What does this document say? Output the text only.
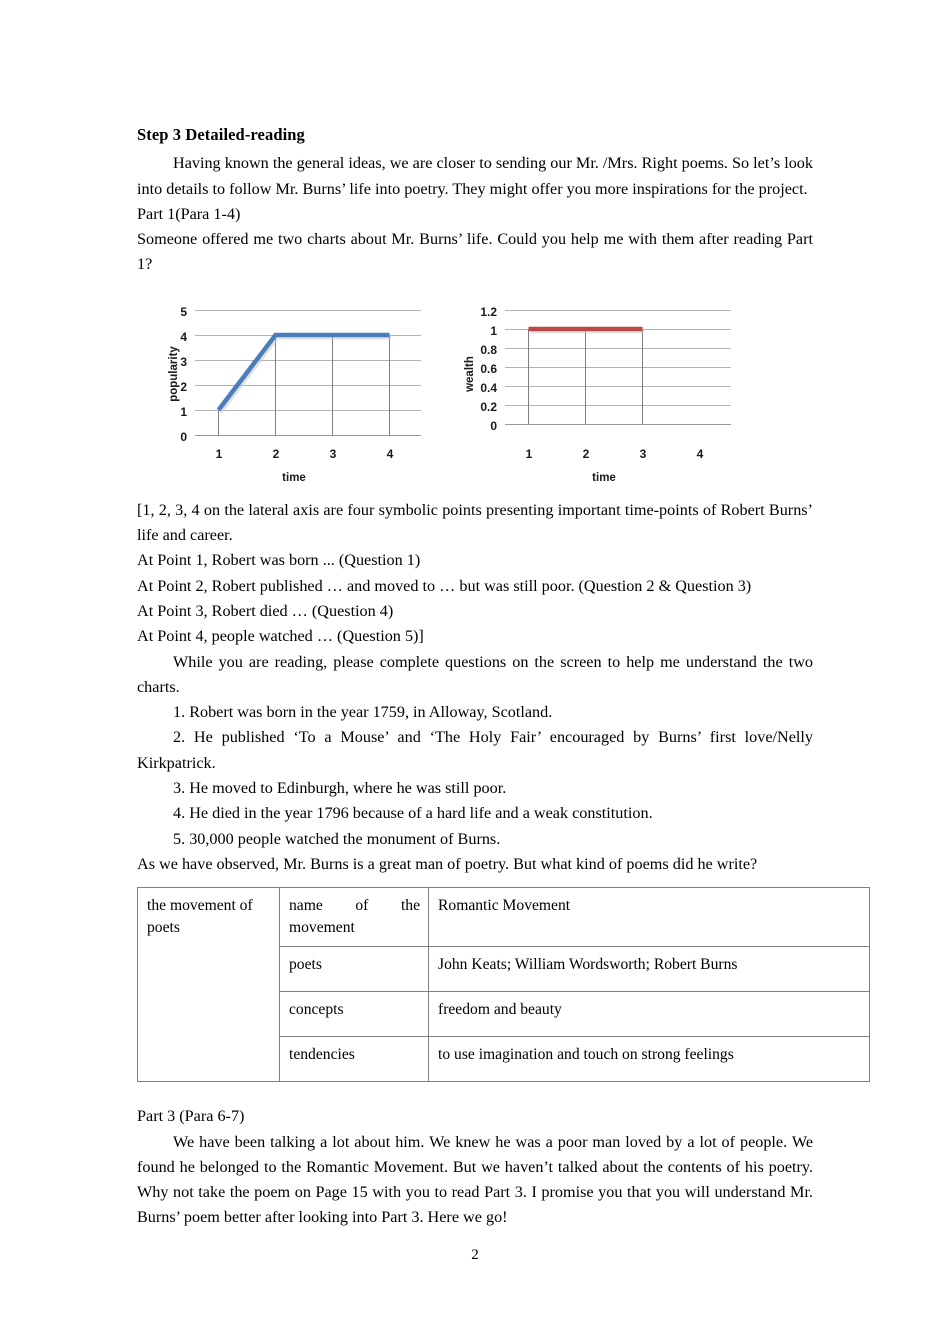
Step 3 Detailed-reading

Having known the general ideas, we are closer to sending our Mr. /Mrs. Right poems. So let’s look into details to follow Mr. Burns’ life into poetry. They might offer you more inspirations for the project.

Part 1(Para 1-4)

Someone offered me two charts about Mr. Burns’ life. Could you help me with them after reading Part 1?

popularity
5
4
3
2
1
0
1	2	3	4
time
wealth
1.2
1
0.8
0.6
0.4
0.2
0
1	2	3	4
time

[1, 2, 3, 4 on the lateral axis are four symbolic points presenting important time-points of Robert Burns’ life and career.

At Point 1, Robert was born ... (Question 1)

At Point 2, Robert published … and moved to … but was still poor. (Question 2 & Question 3)

At Point 3, Robert died … (Question 4)

At Point 4, people watched … (Question 5)]

While you are reading, please complete questions on the screen to help me understand the two charts.

1. Robert was born in the year 1759, in Alloway, Scotland.

2. He published ‘To a Mouse’ and ‘The Holy Fair’ encouraged by Burns’ first love/Nelly Kirkpatrick.

3. He moved to Edinburgh, where he was still poor.

4. He died in the year 1796 because of a hard life and a weak constitution.

5. 30,000 people watched the monument of Burns.

As we have observed, Mr. Burns is a great man of poetry. But what kind of poems did he write?

the movement of poets	name of the movement	Romantic Movement
	poets	John Keats; William Wordsworth; Robert Burns
	concepts	freedom and beauty
	tendencies	to use imagination and touch on strong feelings

Part 3 (Para 6-7)

We have been talking a lot about him. We knew he was a poor man loved by a lot of people. We found he belonged to the Romantic Movement. But we haven’t talked about the contents of his poetry. Why not take the poem on Page 15 with you to read Part 3. I promise you that you will understand Mr. Burns’ poem better after looking into Part 3. Here we go!

2
